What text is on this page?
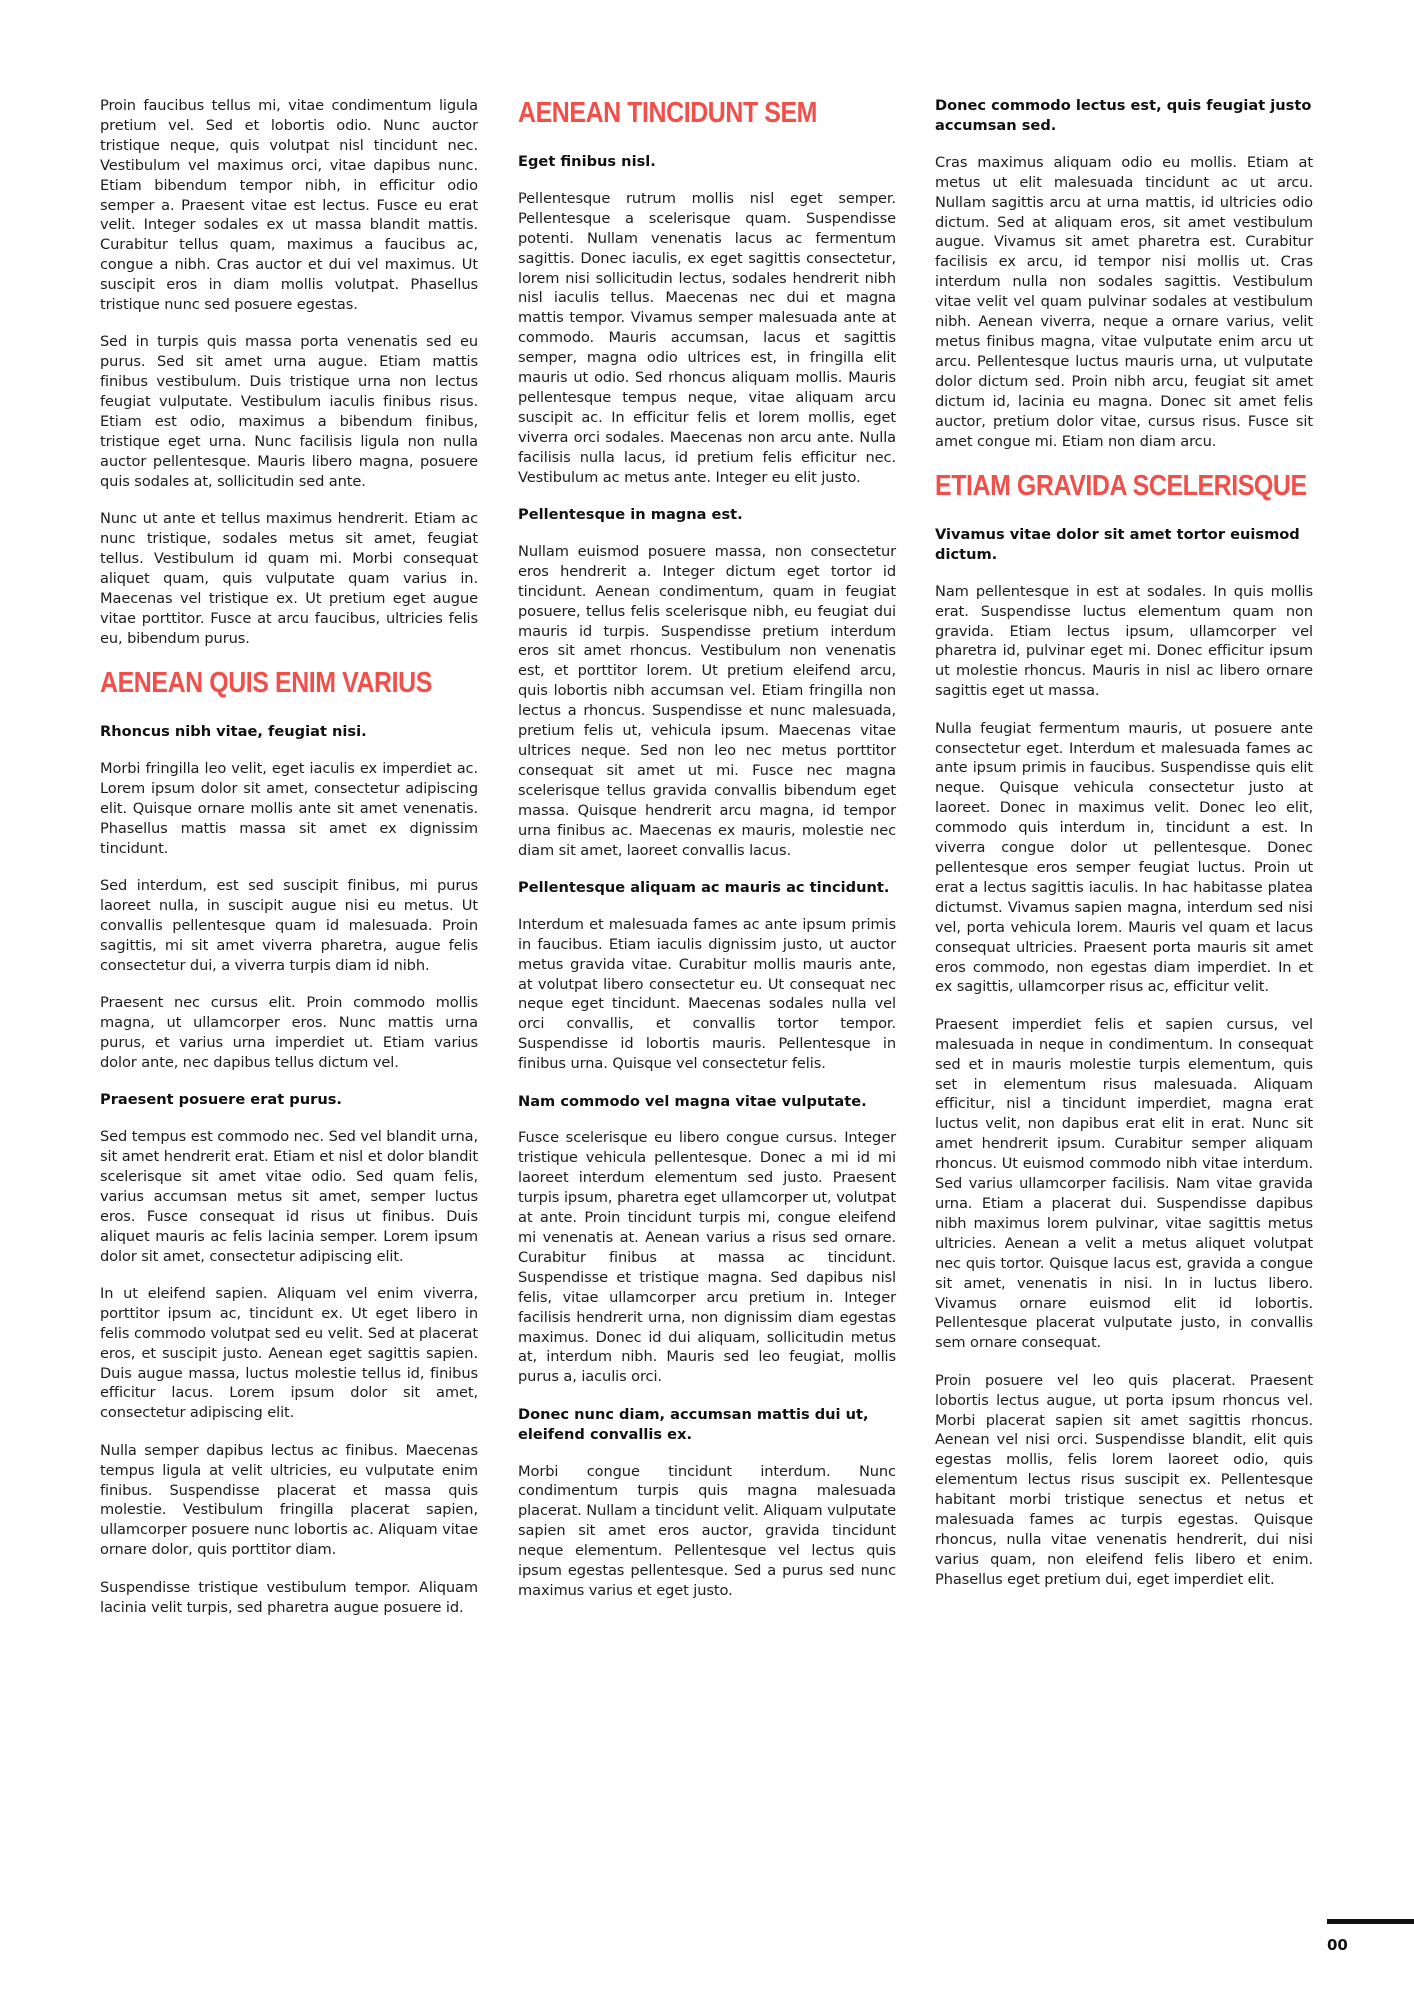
Proin faucibus tellus mi, vitae condimentum ligula pretium vel. Sed et lobortis odio. Nunc auctor tristique neque, quis volutpat nisl tincidunt nec. Vestibulum vel maximus orci, vitae dapibus nunc. Etiam bibendum tempor nibh, in efficitur odio semper a. Praesent vitae est lectus. Fusce eu erat velit. Integer sodales ex ut massa blandit mattis. Curabitur tellus quam, maximus a faucibus ac, congue a nibh. Cras auctor et dui vel maximus. Ut suscipit eros in diam mollis volutpat. Phasellus tristique nunc sed posuere egestas.

Sed in turpis quis massa porta venenatis sed eu purus. Sed sit amet urna augue. Etiam mattis finibus vestibulum. Duis tristique urna non lectus feugiat vulputate. Vestibulum iaculis finibus risus. Etiam est odio, maximus a bibendum finibus, tristique eget urna. Nunc facilisis ligula non nulla auctor pellentesque. Mauris libero magna, posuere quis sodales at, sollicitudin sed ante.

Nunc ut ante et tellus maximus hendrerit. Etiam ac nunc tristique, sodales metus sit amet, feugiat tellus. Vestibulum id quam mi. Morbi consequat aliquet quam, quis vulputate quam varius in. Maecenas vel tristique ex. Ut pretium eget augue vitae porttitor. Fusce at arcu faucibus, ultricies felis eu, bibendum purus.

AENEAN QUIS ENIM VARIUS
Rhoncus nibh vitae, feugiat nisi.

Morbi fringilla leo velit, eget iaculis ex imperdiet ac. Lorem ipsum dolor sit amet, consectetur adipiscing elit. Quisque ornare mollis ante sit amet venenatis. Phasellus mattis massa sit amet ex dignissim tincidunt.

Sed interdum, est sed suscipit finibus, mi purus laoreet nulla, in suscipit augue nisi eu metus. Ut convallis pellentesque quam id malesuada. Proin sagittis, mi sit amet viverra pharetra, augue felis consectetur dui, a viverra turpis diam id nibh.

Praesent nec cursus elit. Proin commodo mollis magna, ut ullamcorper eros. Nunc mattis urna purus, et varius urna imperdiet ut. Etiam varius dolor ante, nec dapibus tellus dictum vel.

Praesent posuere erat purus.

Sed tempus est commodo nec. Sed vel blandit urna, sit amet hendrerit erat. Etiam et nisl et dolor blandit scelerisque sit amet vitae odio. Sed quam felis, varius accumsan metus sit amet, semper luctus eros. Fusce consequat id risus ut finibus. Duis aliquet mauris ac felis lacinia semper. Lorem ipsum dolor sit amet, consectetur adipiscing elit.

In ut eleifend sapien. Aliquam vel enim viverra, porttitor ipsum ac, tincidunt ex. Ut eget libero in felis commodo volutpat sed eu velit. Sed at placerat eros, et suscipit justo. Aenean eget sagittis sapien. Duis augue massa, luctus molestie tellus id, finibus efficitur lacus. Lorem ipsum dolor sit amet, consectetur adipiscing elit.

Nulla semper dapibus lectus ac finibus. Maecenas tempus ligula at velit ultricies, eu vulputate enim finibus. Suspendisse placerat et massa quis molestie. Vestibulum fringilla placerat sapien, ullamcorper posuere nunc lobortis ac. Aliquam vitae ornare dolor, quis porttitor diam.

Suspendisse tristique vestibulum tempor. Aliquam lacinia velit turpis, sed pharetra augue posuere id.

AENEAN TINCIDUNT SEM
Eget finibus nisl.

Pellentesque rutrum mollis nisl eget semper. Pellentesque a scelerisque quam. Suspendisse potenti. Nullam venenatis lacus ac fermentum sagittis. Donec iaculis, ex eget sagittis consectetur, lorem nisi sollicitudin lectus, sodales hendrerit nibh nisl iaculis tellus. Maecenas nec dui et magna mattis tempor. Vivamus semper malesuada ante at commodo. Mauris accumsan, lacus et sagittis semper, magna odio ultrices est, in fringilla elit mauris ut odio. Sed rhoncus aliquam mollis. Mauris pellentesque tempus neque, vitae aliquam arcu suscipit ac. In efficitur felis et lorem mollis, eget viverra orci sodales. Maecenas non arcu ante. Nulla facilisis nulla lacus, id pretium felis efficitur nec. Vestibulum ac metus ante. Integer eu elit justo.

Pellentesque in magna est.

Nullam euismod posuere massa, non consectetur eros hendrerit a. Integer dictum eget tortor id tincidunt. Aenean condimentum, quam in feugiat posuere, tellus felis scelerisque nibh, eu feugiat dui mauris id turpis. Suspendisse pretium interdum eros sit amet rhoncus. Vestibulum non venenatis est, et porttitor lorem. Ut pretium eleifend arcu, quis lobortis nibh accumsan vel. Etiam fringilla non lectus a rhoncus. Suspendisse et nunc malesuada, pretium felis ut, vehicula ipsum. Maecenas vitae ultrices neque. Sed non leo nec metus porttitor consequat sit amet ut mi. Fusce nec magna scelerisque tellus gravida convallis bibendum eget massa. Quisque hendrerit arcu magna, id tempor urna finibus ac. Maecenas ex mauris, molestie nec diam sit amet, laoreet convallis lacus.

Pellentesque aliquam ac mauris ac tincidunt.

Interdum et malesuada fames ac ante ipsum primis in faucibus. Etiam iaculis dignissim justo, ut auctor metus gravida vitae. Curabitur mollis mauris ante, at volutpat libero consectetur eu. Ut consequat nec neque eget tincidunt. Maecenas sodales nulla vel orci convallis, et convallis tortor tempor. Suspendisse id lobortis mauris. Pellentesque in finibus urna. Quisque vel consectetur felis.

Nam commodo vel magna vitae vulputate.

Fusce scelerisque eu libero congue cursus. Integer tristique vehicula pellentesque. Donec a mi id mi laoreet interdum elementum sed justo. Praesent turpis ipsum, pharetra eget ullamcorper ut, volutpat at ante. Proin tincidunt turpis mi, congue eleifend mi venenatis at. Aenean varius a risus sed ornare. Curabitur finibus at massa ac tincidunt. Suspendisse et tristique magna. Sed dapibus nisl felis, vitae ullamcorper arcu pretium in. Integer facilisis hendrerit urna, non dignissim diam egestas maximus. Donec id dui aliquam, sollicitudin metus at, interdum nibh. Mauris sed leo feugiat, mollis purus a, iaculis orci.

Donec nunc diam, accumsan mattis dui ut, eleifend convallis ex.

Morbi congue tincidunt interdum. Nunc condimentum turpis quis magna malesuada placerat. Nullam a tincidunt velit. Aliquam vulputate sapien sit amet eros auctor, gravida tincidunt neque elementum. Pellentesque vel lectus quis ipsum egestas pellentesque. Sed a purus sed nunc maximus varius et eget justo.

Donec commodo lectus est, quis feugiat justo accumsan sed.

Cras maximus aliquam odio eu mollis. Etiam at metus ut elit malesuada tincidunt ac ut arcu. Nullam sagittis arcu at urna mattis, id ultricies odio dictum. Sed at aliquam eros, sit amet vestibulum augue. Vivamus sit amet pharetra est. Curabitur facilisis ex arcu, id tempor nisi mollis ut. Cras interdum nulla non sodales sagittis. Vestibulum vitae velit vel quam pulvinar sodales at vestibulum nibh. Aenean viverra, neque a ornare varius, velit metus finibus magna, vitae vulputate enim arcu ut arcu. Pellentesque luctus mauris urna, ut vulputate dolor dictum sed. Proin nibh arcu, feugiat sit amet dictum id, lacinia eu magna. Donec sit amet felis auctor, pretium dolor vitae, cursus risus. Fusce sit amet congue mi. Etiam non diam arcu.

ETIAM GRAVIDA SCELERISQUE
Vivamus vitae dolor sit amet tortor euismod dictum.

Nam pellentesque in est at sodales. In quis mollis erat. Suspendisse luctus elementum quam non gravida. Etiam lectus ipsum, ullamcorper vel pharetra id, pulvinar eget mi. Donec efficitur ipsum ut molestie rhoncus. Mauris in nisl ac libero ornare sagittis eget ut massa.

Nulla feugiat fermentum mauris, ut posuere ante consectetur eget. Interdum et malesuada fames ac ante ipsum primis in faucibus. Suspendisse quis elit neque. Quisque vehicula consectetur justo at laoreet. Donec in maximus velit. Donec leo elit, commodo quis interdum in, tincidunt a est. In viverra congue dolor ut pellentesque. Donec pellentesque eros semper feugiat luctus. Proin ut erat a lectus sagittis iaculis. In hac habitasse platea dictumst. Vivamus sapien magna, interdum sed nisi vel, porta vehicula lorem. Mauris vel quam et lacus consequat ultricies. Praesent porta mauris sit amet eros commodo, non egestas diam imperdiet. In et ex sagittis, ullamcorper risus ac, efficitur velit.

Praesent imperdiet felis et sapien cursus, vel malesuada in neque in condimentum. In consequat sed et in mauris molestie turpis elementum, quis set in elementum risus malesuada. Aliquam efficitur, nisl a tincidunt imperdiet, magna erat luctus velit, non dapibus erat elit in erat. Nunc sit amet hendrerit ipsum. Curabitur semper aliquam rhoncus. Ut euismod commodo nibh vitae interdum. Sed varius ullamcorper facilisis. Nam vitae gravida urna. Etiam a placerat dui. Suspendisse dapibus nibh maximus lorem pulvinar, vitae sagittis metus ultricies. Aenean a velit a metus aliquet volutpat nec quis tortor. Quisque lacus est, gravida a congue sit amet, venenatis in nisi. In in luctus libero. Vivamus ornare euismod elit id lobortis. Pellentesque placerat vulputate justo, in convallis sem ornare consequat.

Proin posuere vel leo quis placerat. Praesent lobortis lectus augue, ut porta ipsum rhoncus vel. Morbi placerat sapien sit amet sagittis rhoncus. Aenean vel nisi orci. Suspendisse blandit, elit quis egestas mollis, felis lorem laoreet odio, quis elementum lectus risus suscipit ex. Pellentesque habitant morbi tristique senectus et netus et malesuada fames ac turpis egestas. Quisque rhoncus, nulla vitae venenatis hendrerit, dui nisi varius quam, non eleifend felis libero et enim. Phasellus eget pretium dui, eget imperdiet elit.

00
